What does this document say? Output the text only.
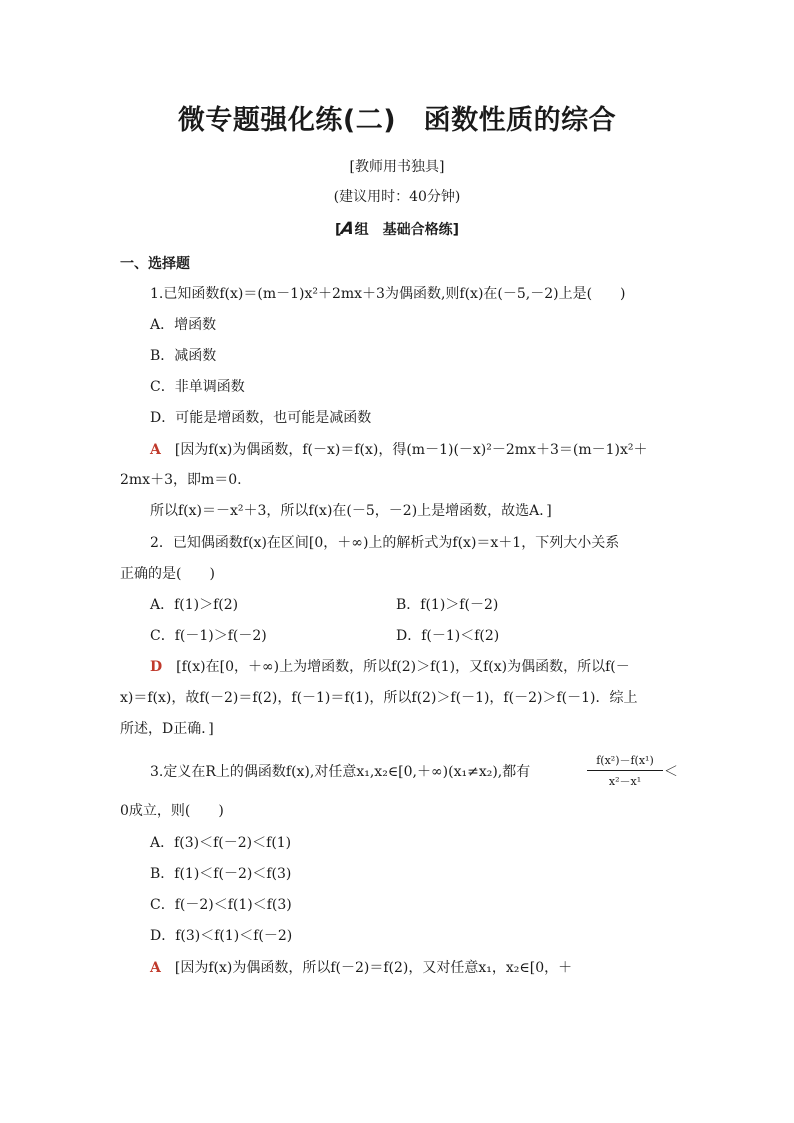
微专题强化练(二)　函数性质的综合
[教师用书独具]
(建议用时：40分钟)
[A组　基础合格练]
一、选择题
1.已知函数f(x)＝(m－1)x²＋2mx＋3为偶函数,则f(x)在(－5,－2)上是(　　)
A．增函数
B．减函数
C．非单调函数
D．可能是增函数，也可能是减函数
A　 [因为f(x)为偶函数，f(－x)＝f(x)，得(m－1)(－x)²－2mx＋3＝(m－1)x²＋
2mx＋3，即m＝0.
所以f(x)＝－x²＋3，所以f(x)在(－5，－2)上是增函数，故选A．]
2．已知偶函数f(x)在区间[0，＋∞)上的解析式为f(x)＝x＋1，下列大小关系
正确的是(　　)
A．f(1)＞f(2)	B．f(1)＞f(－2)
C．f(－1)＞f(－2)	D．f(－1)＜f(2)
D　 [f(x)在[0，＋∞)上为增函数，所以f(2)＞f(1)，又f(x)为偶函数，所以f(－
x)＝f(x)，故f(－2)＝f(2)，f(－1)＝f(1)，所以f(2)＞f(－1)，f(－2)＞f(－1)．综上
所述，D正确．]
3.定义在R上的偶函数f(x),对任意x₁,x₂∈[0,＋∞)(x₁≠x₂),都有	$\frac{\text{f(x²)－f(x¹)}}{\text{x²－x¹}}$ ＜
0成立，则(　　)
A．f(3)＜f(－2)＜f(1)
B．f(1)＜f(－2)＜f(3)
C．f(－2)＜f(1)＜f(3)
D．f(3)＜f(1)＜f(－2)
A　 [因为f(x)为偶函数，所以f(－2)＝f(2)，又对任意x₁，x₂∈[0，＋
